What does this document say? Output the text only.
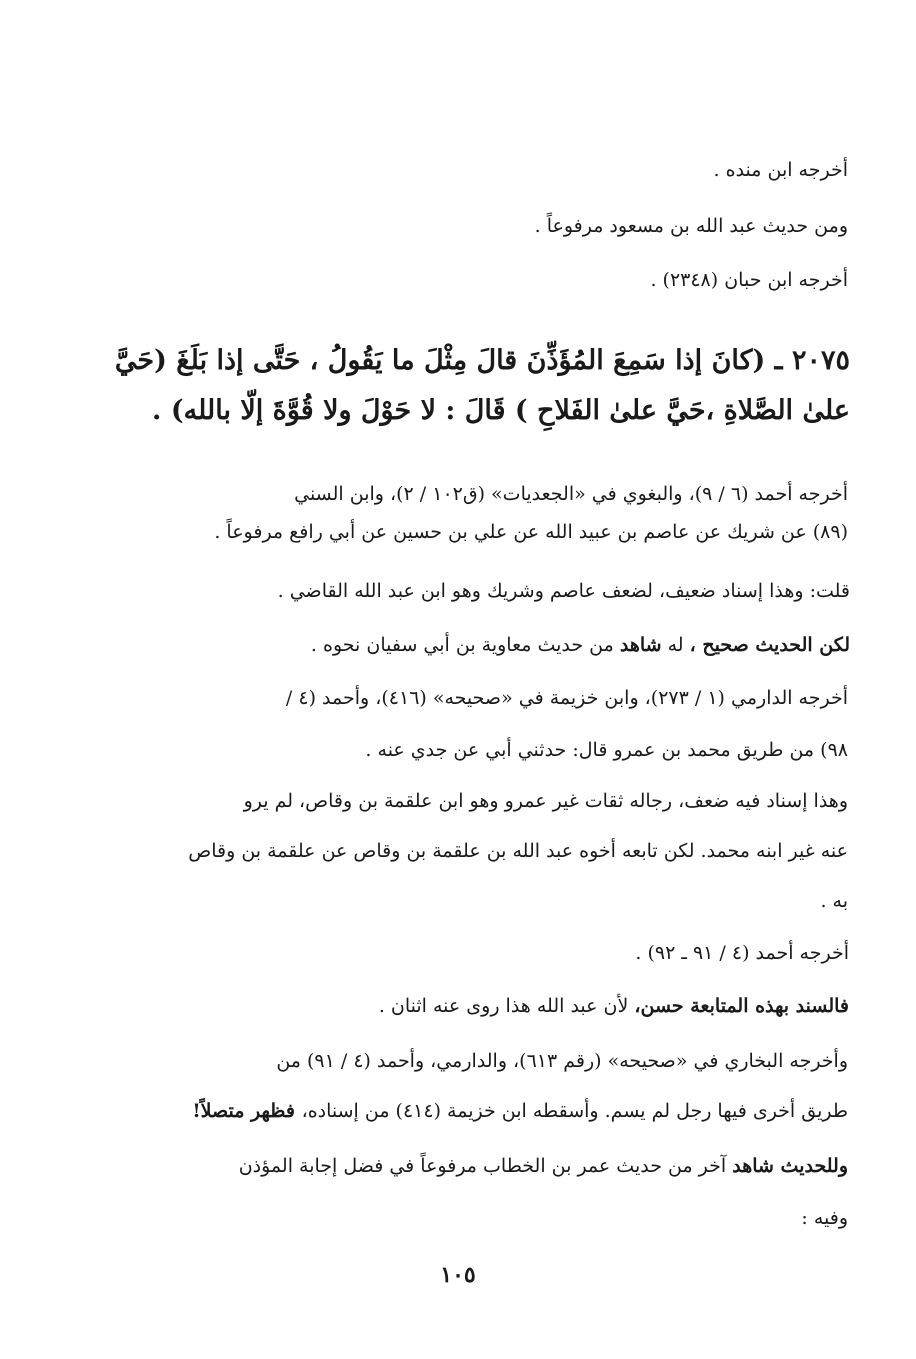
أخرجه ابن منده .
ومن حديث عبد الله بن مسعود مرفوعاً .
أخرجه ابن حبان (٢٣٤٨) .
٢٠٧٥ ـ (كانَ إذا سَمِعَ المُؤَذِّنَ قالَ مِثْلَ ما يَقُولُ ، حَتَّى إذا بَلَغَ (حَيَّ
علىٰ الصَّلاةِ ،حَيَّ علىٰ الفَلاحِ ) قَالَ : لا حَوْلَ ولا قُوَّةَ إلّا بالله) .
أخرجه أحمد (٦ / ٩)، والبغوي في «الجعديات» (ق١٠٢ / ٢)، وابن السني
(٨٩) عن شريك عن عاصم بن عبيد الله عن علي بن حسين عن أبي رافع مرفوعاً .
قلت: وهذا إسناد ضعيف، لضعف عاصم وشريك وهو ابن عبد الله القاضي .
لكن الحديث صحيح ، له شاهد من حديث معاوية بن أبي سفيان نحوه .
أخرجه الدارمي (١ / ٢٧٣)، وابن خزيمة في «صحيحه» (٤١٦)، وأحمد (٤ /
٩٨) من طريق محمد بن عمرو قال: حدثني أبي عن جدي عنه .
وهذا إسناد فيه ضعف، رجاله ثقات غير عمرو وهو ابن علقمة بن وقاص، لم يرو
عنه غير ابنه محمد. لكن تابعه أخوه عبد الله بن علقمة بن وقاص عن علقمة بن وقاص
به .
أخرجه أحمد (٤ / ٩١ ـ ٩٢) .
فالسند بهذه المتابعة حسن، لأن عبد الله هذا روى عنه اثنان .
وأخرجه البخاري في «صحيحه» (رقم ٦١٣)، والدارمي، وأحمد (٤ / ٩١) من
طريق أخرى فيها رجل لم يسم. وأسقطه ابن خزيمة (٤١٤) من إسناده، فظهر متصلاً!
وللحديث شاهد آخر من حديث عمر بن الخطاب مرفوعاً في فضل إجابة المؤذن
وفيه :
١٠٥
